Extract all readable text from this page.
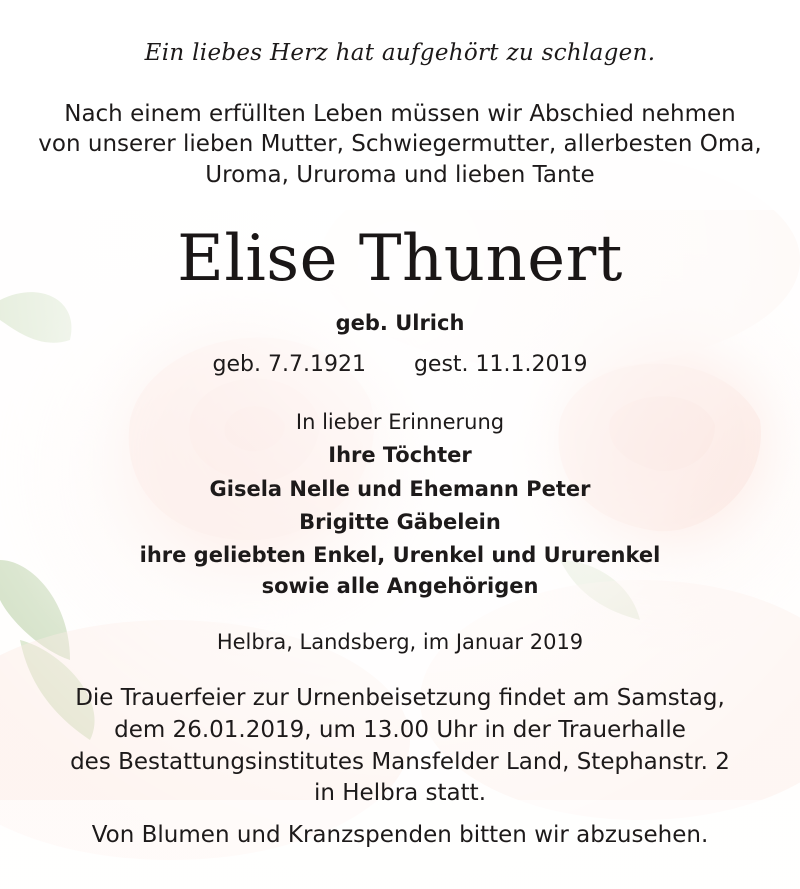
Ein liebes Herz hat aufgehört zu schlagen.
Nach einem erfüllten Leben müssen wir Abschied nehmen
von unserer lieben Mutter, Schwiegermutter, allerbesten Oma,
Uroma, Ururoma und lieben Tante
Elise Thunert
geb. Ulrich
geb. 7.7.1921 gest. 11.1.2019
In lieber Erinnerung
Ihre Töchter
Gisela Nelle und Ehemann Peter
Brigitte Gäbelein
ihre geliebten Enkel, Urenkel und Ururenkel
sowie alle Angehörigen
Helbra, Landsberg, im Januar 2019
Die Trauerfeier zur Urnenbeisetzung findet am Samstag,
dem 26.01.2019, um 13.00 Uhr in der Trauerhalle
des Bestattungsinstitutes Mansfelder Land, Stephanstr. 2
in Helbra statt.
Von Blumen und Kranzspenden bitten wir abzusehen.
